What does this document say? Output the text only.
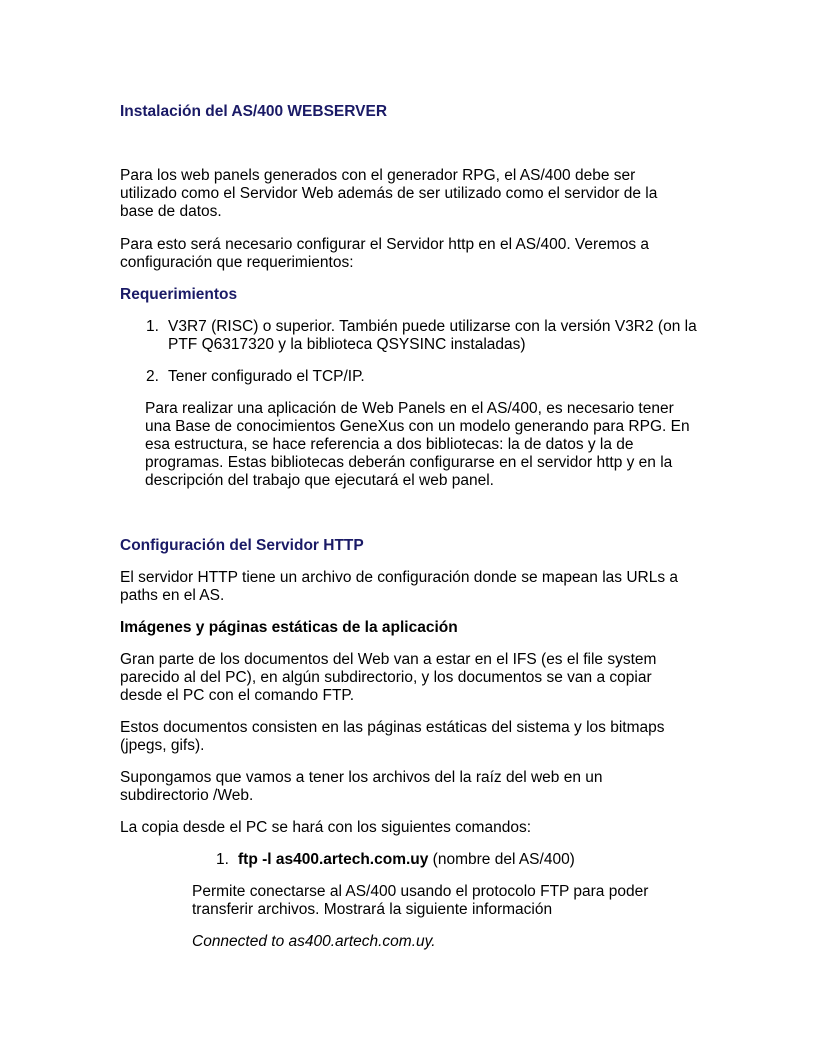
Instalación del AS/400 WEBSERVER

Para los web panels generados con el generador RPG, el AS/400 debe ser utilizado como el Servidor Web además de ser utilizado como el servidor de la base de datos.

Para esto será necesario configurar el Servidor http en el AS/400. Veremos a configuración que requerimientos:

Requerimientos
1. V3R7 (RISC) o superior. También puede utilizarse con la versión V3R2 (on la PTF Q6317320 y la biblioteca QSYSINC instaladas)
2. Tener configurado el TCP/IP.

Para realizar una aplicación de Web Panels en el AS/400, es necesario tener una Base de conocimientos GeneXus con un modelo generando para RPG. En esa estructura, se hace referencia a dos bibliotecas: la de datos y la de programas. Estas bibliotecas deberán configurarse en el servidor http y en la descripción del trabajo que ejecutará el web panel.

Configuración del Servidor HTTP

El servidor HTTP tiene un archivo de configuración donde se mapean las URLs a paths en el AS.

Imágenes y páginas estáticas de la aplicación

Gran parte de los documentos del Web van a estar en el IFS (es el file system parecido al del PC), en algún subdirectorio, y los documentos se van a copiar desde el PC con el comando FTP.

Estos documentos consisten en las páginas estáticas del sistema y los bitmaps (jpegs, gifs).

Supongamos que vamos a tener los archivos del la raíz del web en un subdirectorio /Web.

La copia desde el PC se hará con los siguientes comandos:

1. ftp -l as400.artech.com.uy (nombre del AS/400)

Permite conectarse al AS/400 usando el protocolo FTP para poder transferir archivos. Mostrará la siguiente información

Connected to as400.artech.com.uy.
